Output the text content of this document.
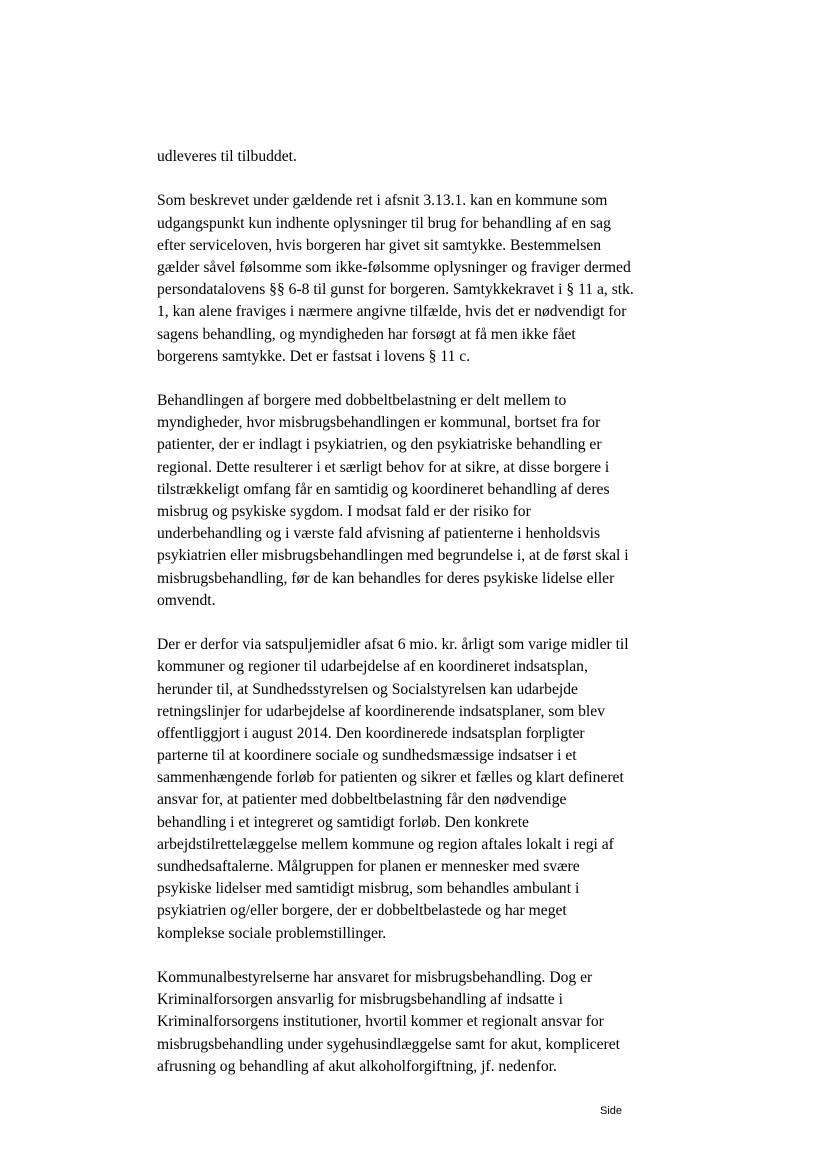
udleveres til tilbuddet.
Som beskrevet under gældende ret i afsnit 3.13.1. kan en kommune som
udgangspunkt kun indhente oplysninger til brug for behandling af en sag
efter serviceloven, hvis borgeren har givet sit samtykke. Bestemmelsen
gælder såvel følsomme som ikke-følsomme oplysninger og fraviger dermed
persondatalovens §§ 6-8 til gunst for borgeren. Samtykkekravet i § 11 a, stk.
1, kan alene fraviges i nærmere angivne tilfælde, hvis det er nødvendigt for
sagens behandling, og myndigheden har forsøgt at få men ikke fået
borgerens samtykke. Det er fastsat i lovens § 11 c.
Behandlingen af borgere med dobbeltbelastning er delt mellem to
myndigheder, hvor misbrugsbehandlingen er kommunal, bortset fra for
patienter, der er indlagt i psykiatrien, og den psykiatriske behandling er
regional. Dette resulterer i et særligt behov for at sikre, at disse borgere i
tilstrækkeligt omfang får en samtidig og koordineret behandling af deres
misbrug og psykiske sygdom. I modsat fald er der risiko for
underbehandling og i værste fald afvisning af patienterne i henholdsvis
psykiatrien eller misbrugsbehandlingen med begrundelse i, at de først skal i
misbrugsbehandling, før de kan behandles for deres psykiske lidelse eller
omvendt.
Der er derfor via satspuljemidler afsat 6 mio. kr. årligt som varige midler til
kommuner og regioner til udarbejdelse af en koordineret indsatsplan,
herunder til, at Sundhedsstyrelsen og Socialstyrelsen kan udarbejde
retningslinjer for udarbejdelse af koordinerende indsatsplaner, som blev
offentliggjort i august 2014. Den koordinerede indsatsplan forpligter
parterne til at koordinere sociale og sundhedsmæssige indsatser i et
sammenhængende forløb for patienten og sikrer et fælles og klart defineret
ansvar for, at patienter med dobbeltbelastning får den nødvendige
behandling i et integreret og samtidigt forløb. Den konkrete
arbejdstilrettelæggelse mellem kommune og region aftales lokalt i regi af
sundhedsaftalerne. Målgruppen for planen er mennesker med svære
psykiske lidelser med samtidigt misbrug, som behandles ambulant i
psykiatrien og/eller borgere, der er dobbeltbelastede og har meget
komplekse sociale problemstillinger.
Kommunalbestyrelserne har ansvaret for misbrugsbehandling. Dog er
Kriminalforsorgen ansvarlig for misbrugsbehandling af indsatte i
Kriminalforsorgens institutioner, hvortil kommer et regionalt ansvar for
misbrugsbehandling under sygehusindlæggelse samt for akut, kompliceret
afrusning og behandling af akut alkoholforgiftning, jf. nedenfor.
Side
